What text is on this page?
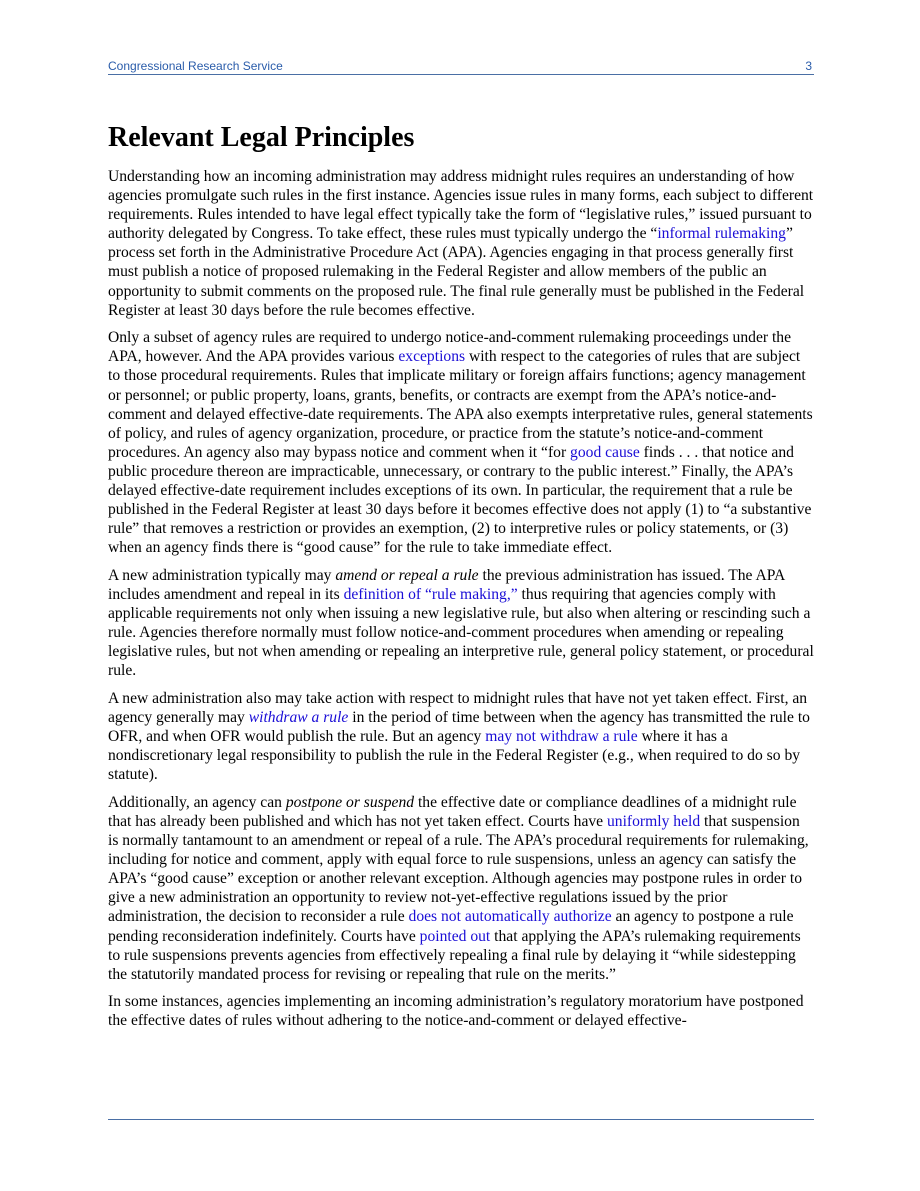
Congressional Research Service	3
Relevant Legal Principles

Understanding how an incoming administration may address midnight rules requires an understanding of how agencies promulgate such rules in the first instance. Agencies issue rules in many forms, each subject to different requirements. Rules intended to have legal effect typically take the form of “legislative rules,” issued pursuant to authority delegated by Congress. To take effect, these rules must typically undergo the “informal rulemaking” process set forth in the Administrative Procedure Act (APA). Agencies engaging in that process generally first must publish a notice of proposed rulemaking in the Federal Register and allow members of the public an opportunity to submit comments on the proposed rule. The final rule generally must be published in the Federal Register at least 30 days before the rule becomes effective.

Only a subset of agency rules are required to undergo notice-and-comment rulemaking proceedings under the APA, however. And the APA provides various exceptions with respect to the categories of rules that are subject to those procedural requirements. Rules that implicate military or foreign affairs functions; agency management or personnel; or public property, loans, grants, benefits, or contracts are exempt from the APA’s notice-and-comment and delayed effective-date requirements. The APA also exempts interpretative rules, general statements of policy, and rules of agency organization, procedure, or practice from the statute’s notice-and-comment procedures. An agency also may bypass notice and comment when it “for good cause finds . . . that notice and public procedure thereon are impracticable, unnecessary, or contrary to the public interest.” Finally, the APA’s delayed effective-date requirement includes exceptions of its own. In particular, the requirement that a rule be published in the Federal Register at least 30 days before it becomes effective does not apply (1) to “a substantive rule” that removes a restriction or provides an exemption, (2) to interpretive rules or policy statements, or (3) when an agency finds there is “good cause” for the rule to take immediate effect.

A new administration typically may amend or repeal a rule the previous administration has issued. The APA includes amendment and repeal in its definition of “rule making,” thus requiring that agencies comply with applicable requirements not only when issuing a new legislative rule, but also when altering or rescinding such a rule. Agencies therefore normally must follow notice-and-comment procedures when amending or repealing legislative rules, but not when amending or repealing an interpretive rule, general policy statement, or procedural rule.

A new administration also may take action with respect to midnight rules that have not yet taken effect. First, an agency generally may withdraw a rule in the period of time between when the agency has transmitted the rule to OFR, and when OFR would publish the rule. But an agency may not withdraw a rule where it has a nondiscretionary legal responsibility to publish the rule in the Federal Register (e.g., when required to do so by statute).

Additionally, an agency can postpone or suspend the effective date or compliance deadlines of a midnight rule that has already been published and which has not yet taken effect. Courts have uniformly held that suspension is normally tantamount to an amendment or repeal of a rule. The APA’s procedural requirements for rulemaking, including for notice and comment, apply with equal force to rule suspensions, unless an agency can satisfy the APA’s “good cause” exception or another relevant exception. Although agencies may postpone rules in order to give a new administration an opportunity to review not-yet-effective regulations issued by the prior administration, the decision to reconsider a rule does not automatically authorize an agency to postpone a rule pending reconsideration indefinitely. Courts have pointed out that applying the APA’s rulemaking requirements to rule suspensions prevents agencies from effectively repealing a final rule by delaying it “while sidestepping the statutorily mandated process for revising or repealing that rule on the merits.”

In some instances, agencies implementing an incoming administration’s regulatory moratorium have postponed the effective dates of rules without adhering to the notice-and-comment or delayed effective-
